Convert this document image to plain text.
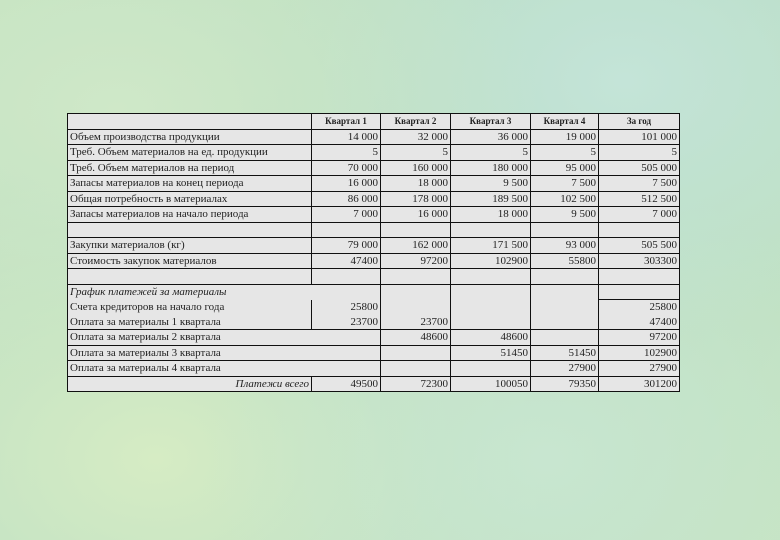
	Квартал 1	Квартал 2	Квартал 3	Квартал 4	За год
Объем производства продукции	14 000	32 000	36 000	19 000	101 000
Треб. Объем материалов на ед. продукции	5	5	5	5	5
Треб. Объем материалов на период	70 000	160 000	180 000	95 000	505 000
Запасы материалов на конец периода	16 000	18 000	9 500	7 500	7 500
Общая потребность в материалах	86 000	178 000	189 500	102 500	512 500
Запасы материалов на начало периода	7 000	16 000	18 000	9 500	7 000

Закупки материалов (кг)	79 000	162 000	171 500	93 000	505 500
Стоимость закупок материалов	47400	97200	102900	55800	303300

График платежей за материалы					
Счета кредиторов на начало года	25800				25800
Оплата за материалы 1 квартала	23700	23700			47400
Оплата за материалы 2 квартала		48600	48600		97200
Оплата за материалы 3 квартала			51450	51450	102900
Оплата за материалы 4 квартала				27900	27900
Платежи всего	49500	72300	100050	79350	301200
